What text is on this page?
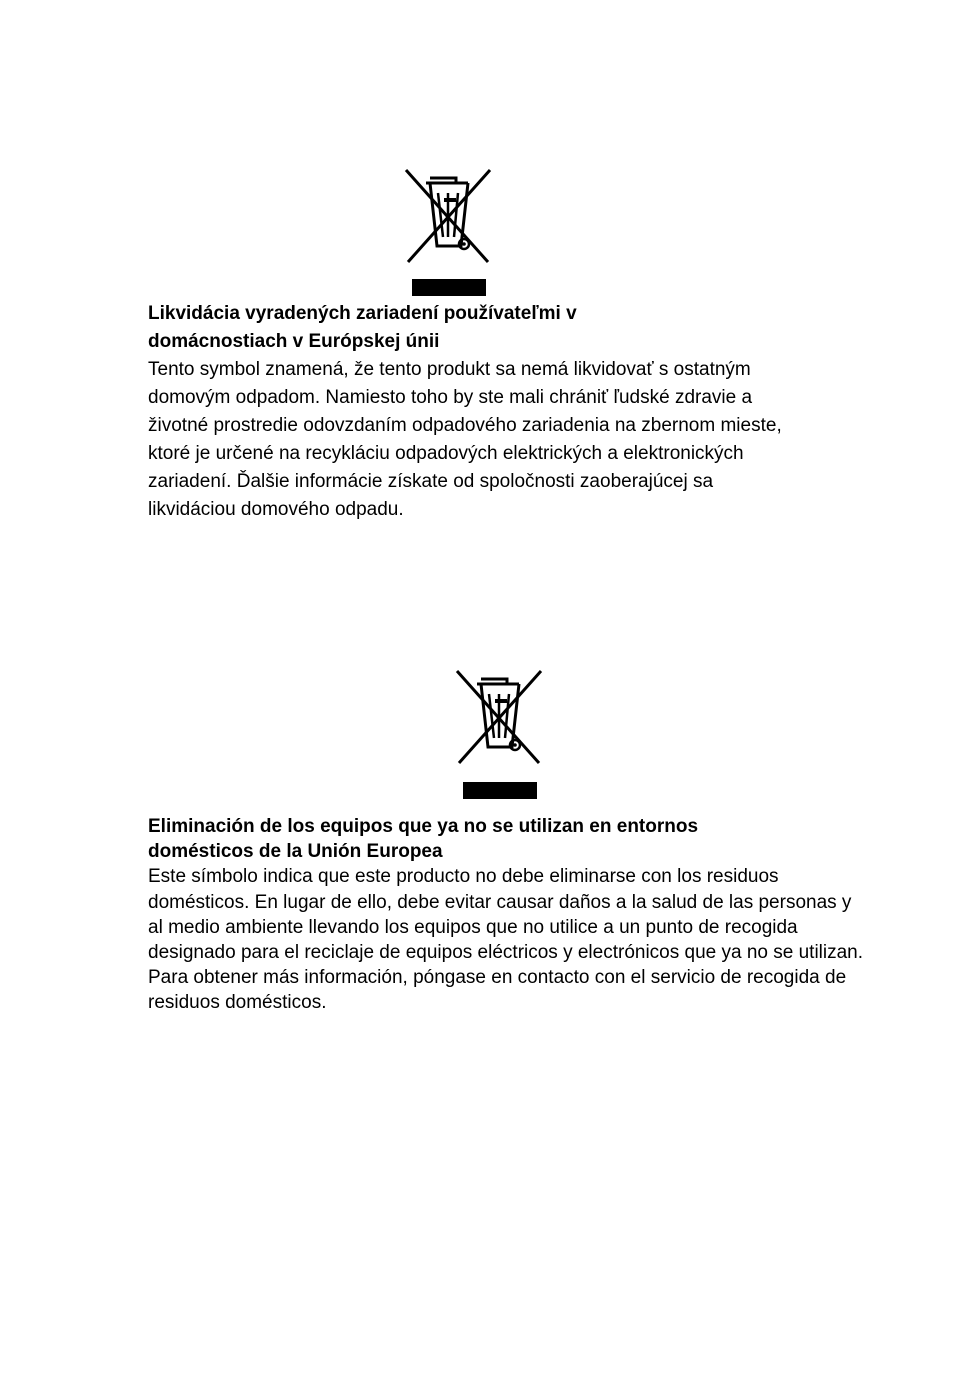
Likvidácia vyradených zariadení používateľmi v domácnostiach v Európskej únii

Tento symbol znamená, že tento produkt sa nemá likvidovať s ostatným domovým odpadom. Namiesto toho by ste mali chrániť ľudské zdravie a životné prostredie odovzdaním odpadového zariadenia na zbernom mieste, ktoré je určené na recykláciu odpadových elektrických a elektronických zariadení. Ďalšie informácie získate od spoločnosti zaoberajúcej sa likvidáciou domového odpadu.

Eliminación de los equipos que ya no se utilizan en entornos domésticos de la Unión Europea

Este símbolo indica que este producto no debe eliminarse con los residuos domésticos. En lugar de ello, debe evitar causar daños a la salud de las personas y al medio ambiente llevando los equipos que no utilice a un punto de recogida designado para el reciclaje de equipos eléctricos y electrónicos que ya no se utilizan. Para obtener más información, póngase en contacto con el servicio de recogida de residuos domésticos.
